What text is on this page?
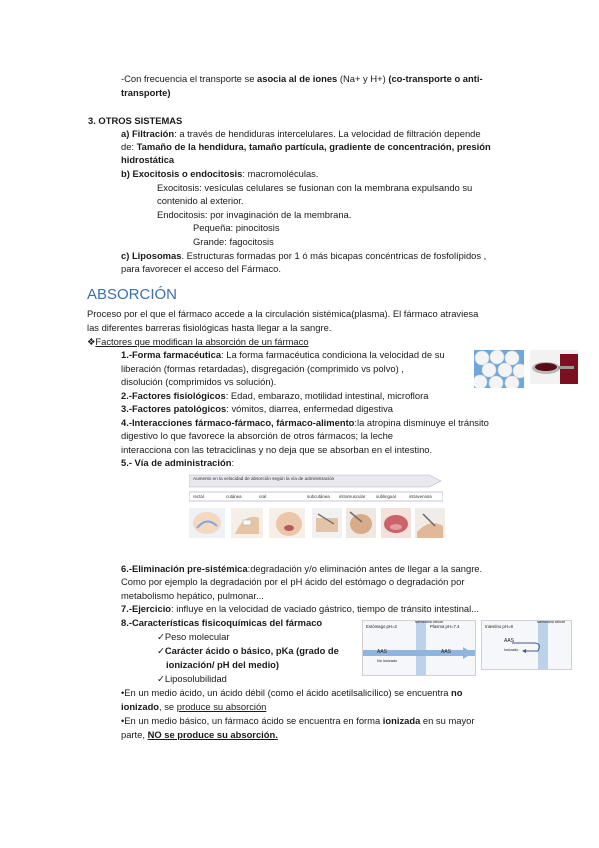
-Con frecuencia el transporte se asocia al de iones (Na+ y H+) (co-transporte o anti-
transporte)
3. OTROS SISTEMAS
a) Filtración: a través de hendiduras intercelulares. La velocidad de filtración depende
de: Tamaño de la hendidura, tamaño partícula, gradiente de concentración, presión
hidrostática
b) Exocitosis o endocitosis: macromoléculas.
Exocitosis: vesículas celulares se fusionan con la membrana expulsando su
contenido al exterior.
Endocitosis: por invaginación de la membrana.
Pequeña: pinocitosis
Grande: fagocitosis
c) Liposomas. Estructuras formadas por 1 ó más bicapas concéntricas de fosfolípidos ,
para favorecer el acceso del Fármaco.
ABSORCIÓN
Proceso por el que el fármaco accede a la circulación sistémica(plasma). El fármaco atraviesa
las diferentes barreras fisiológicas hasta llegar a la sangre.
❖Factores que modifican la absorción de un fármaco
1.-Forma farmacéutica: La forma farmacéutica condiciona la velocidad de su
liberación (formas retardadas), disgregación (comprimido vs polvo) ,
disolución (comprimidos vs solución).
2.-Factores fisiológicos: Edad, embarazo, motilidad intestinal, microflora
3.-Factores patológicos: vómitos, diarrea, enfermedad digestiva
4.-Interacciones fármaco-fármaco, fármaco-alimento:la atropina disminuye el tránsito
digestivo lo que favorece la absorción de otros fármacos; la leche
interacciona con las tetraciclinas y no deja que se absorban en el intestino.
5.- Vía de administración:
Aumento en la velocidad de absorción según la vía de administración
rectal	cutánea	oral	subcutánea intramuscular sublingual	intravenosa
6.-Eliminación pre-sistémica:degradación y/o eliminación antes de llegar a la sangre.
Como por ejemplo la degradación por el pH ácido del estómago o degradación por
metabolismo hepático, pulmonar...
7.-Ejercicio: influye en la velocidad de vaciado gástrico, tiempo de tránsito intestinal...
8.-Características fisicoquímicas del fármaco
✓Peso molecular
✓Carácter ácido o básico, pKa (grado de
ionización/ pH del medio)
✓Liposolubilidad
Estómago pH=2	Plasma pH=7.4
Membrana celular
AAS	AAS
No ionizado
Intestino pH=8
Membrana celular
AAS
Ionizado
•En un medio ácido, un ácido débil (como el ácido acetilsalicílico) se encuentra no
ionizado, se produce su absorción
•En un medio básico, un fármaco ácido se encuentra en forma ionizada en su mayor
parte, NO se produce su absorción.
